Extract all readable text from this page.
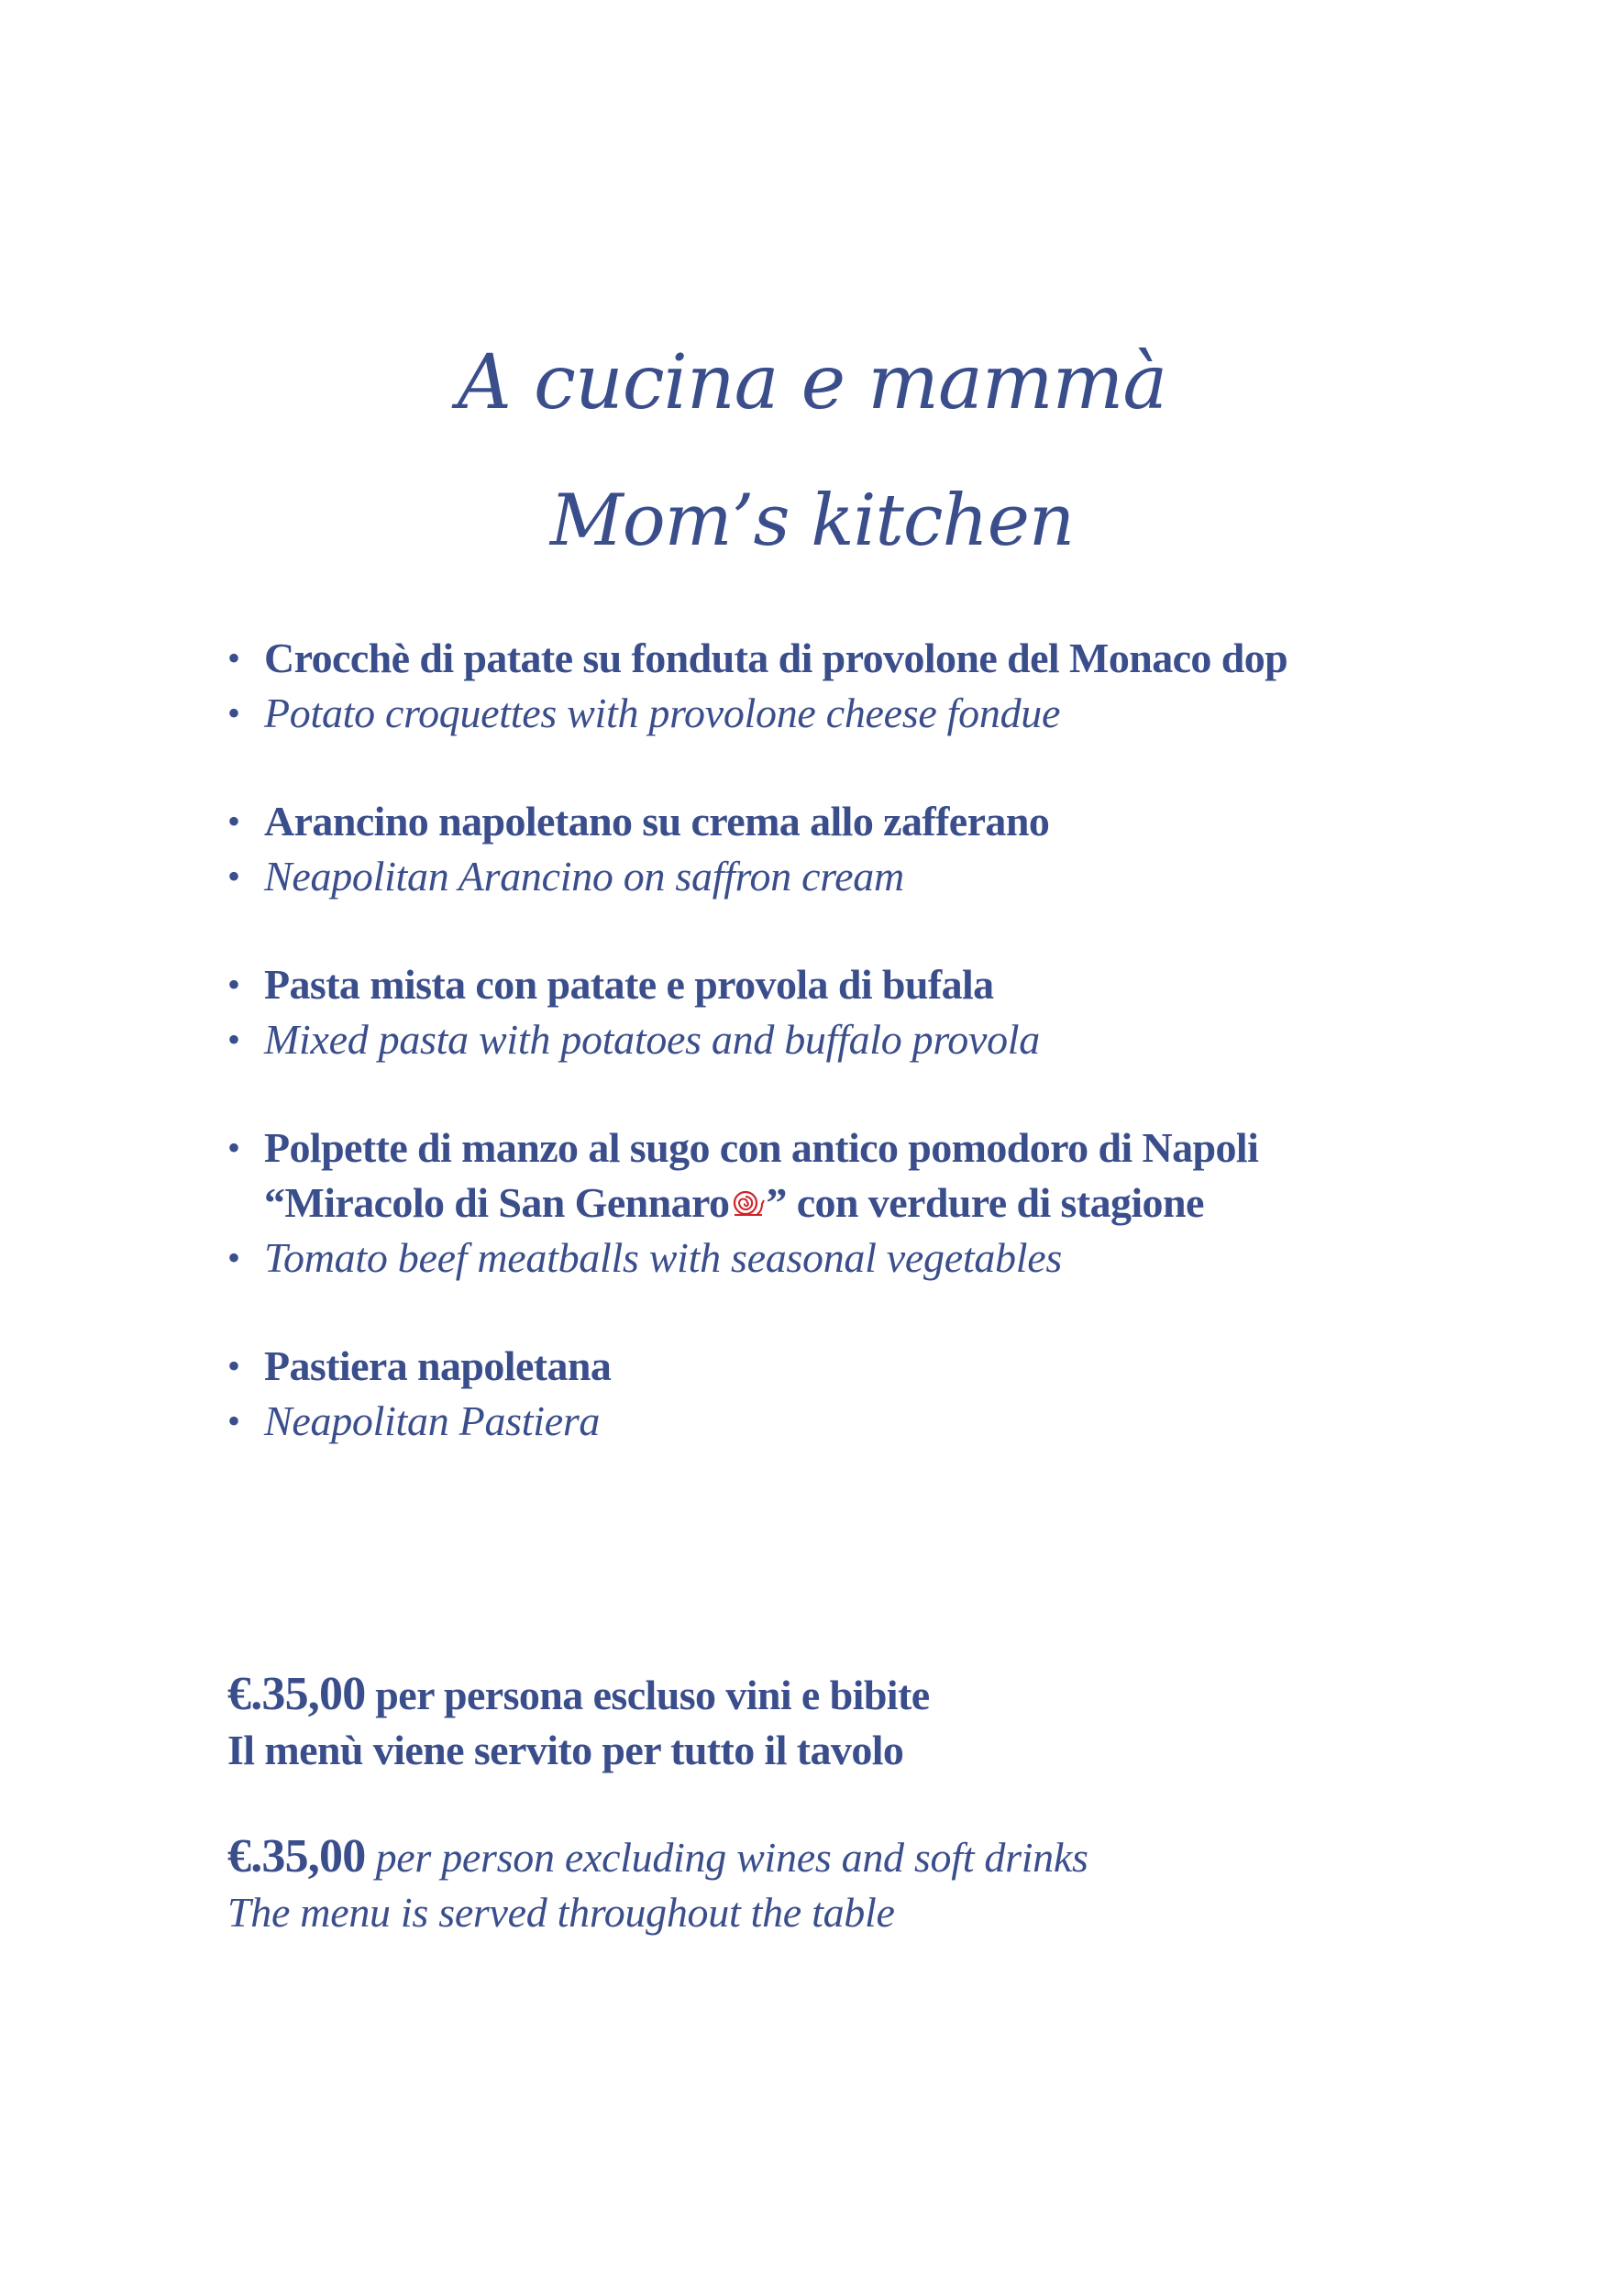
A cucina e mammà
Mom’s kitchen
• Crocchè di patate su fonduta di provolone del Monaco dop
• Potato croquettes with provolone cheese fondue
• Arancino napoletano su crema allo zafferano
• Neapolitan Arancino on saffron cream
• Pasta mista con patate e provola di bufala
• Mixed pasta with potatoes and buffalo provola
• Polpette di manzo al sugo con antico pomodoro di Napoli
“Miracolo di San Gennaro ” con verdure di stagione
• Tomato beef meatballs with seasonal vegetables
• Pastiera napoletana
• Neapolitan Pastiera
€.35,00 per persona escluso vini e bibite
Il menù viene servito per tutto il tavolo
€.35,00 per person excluding wines and soft drinks
The menu is served throughout the table
